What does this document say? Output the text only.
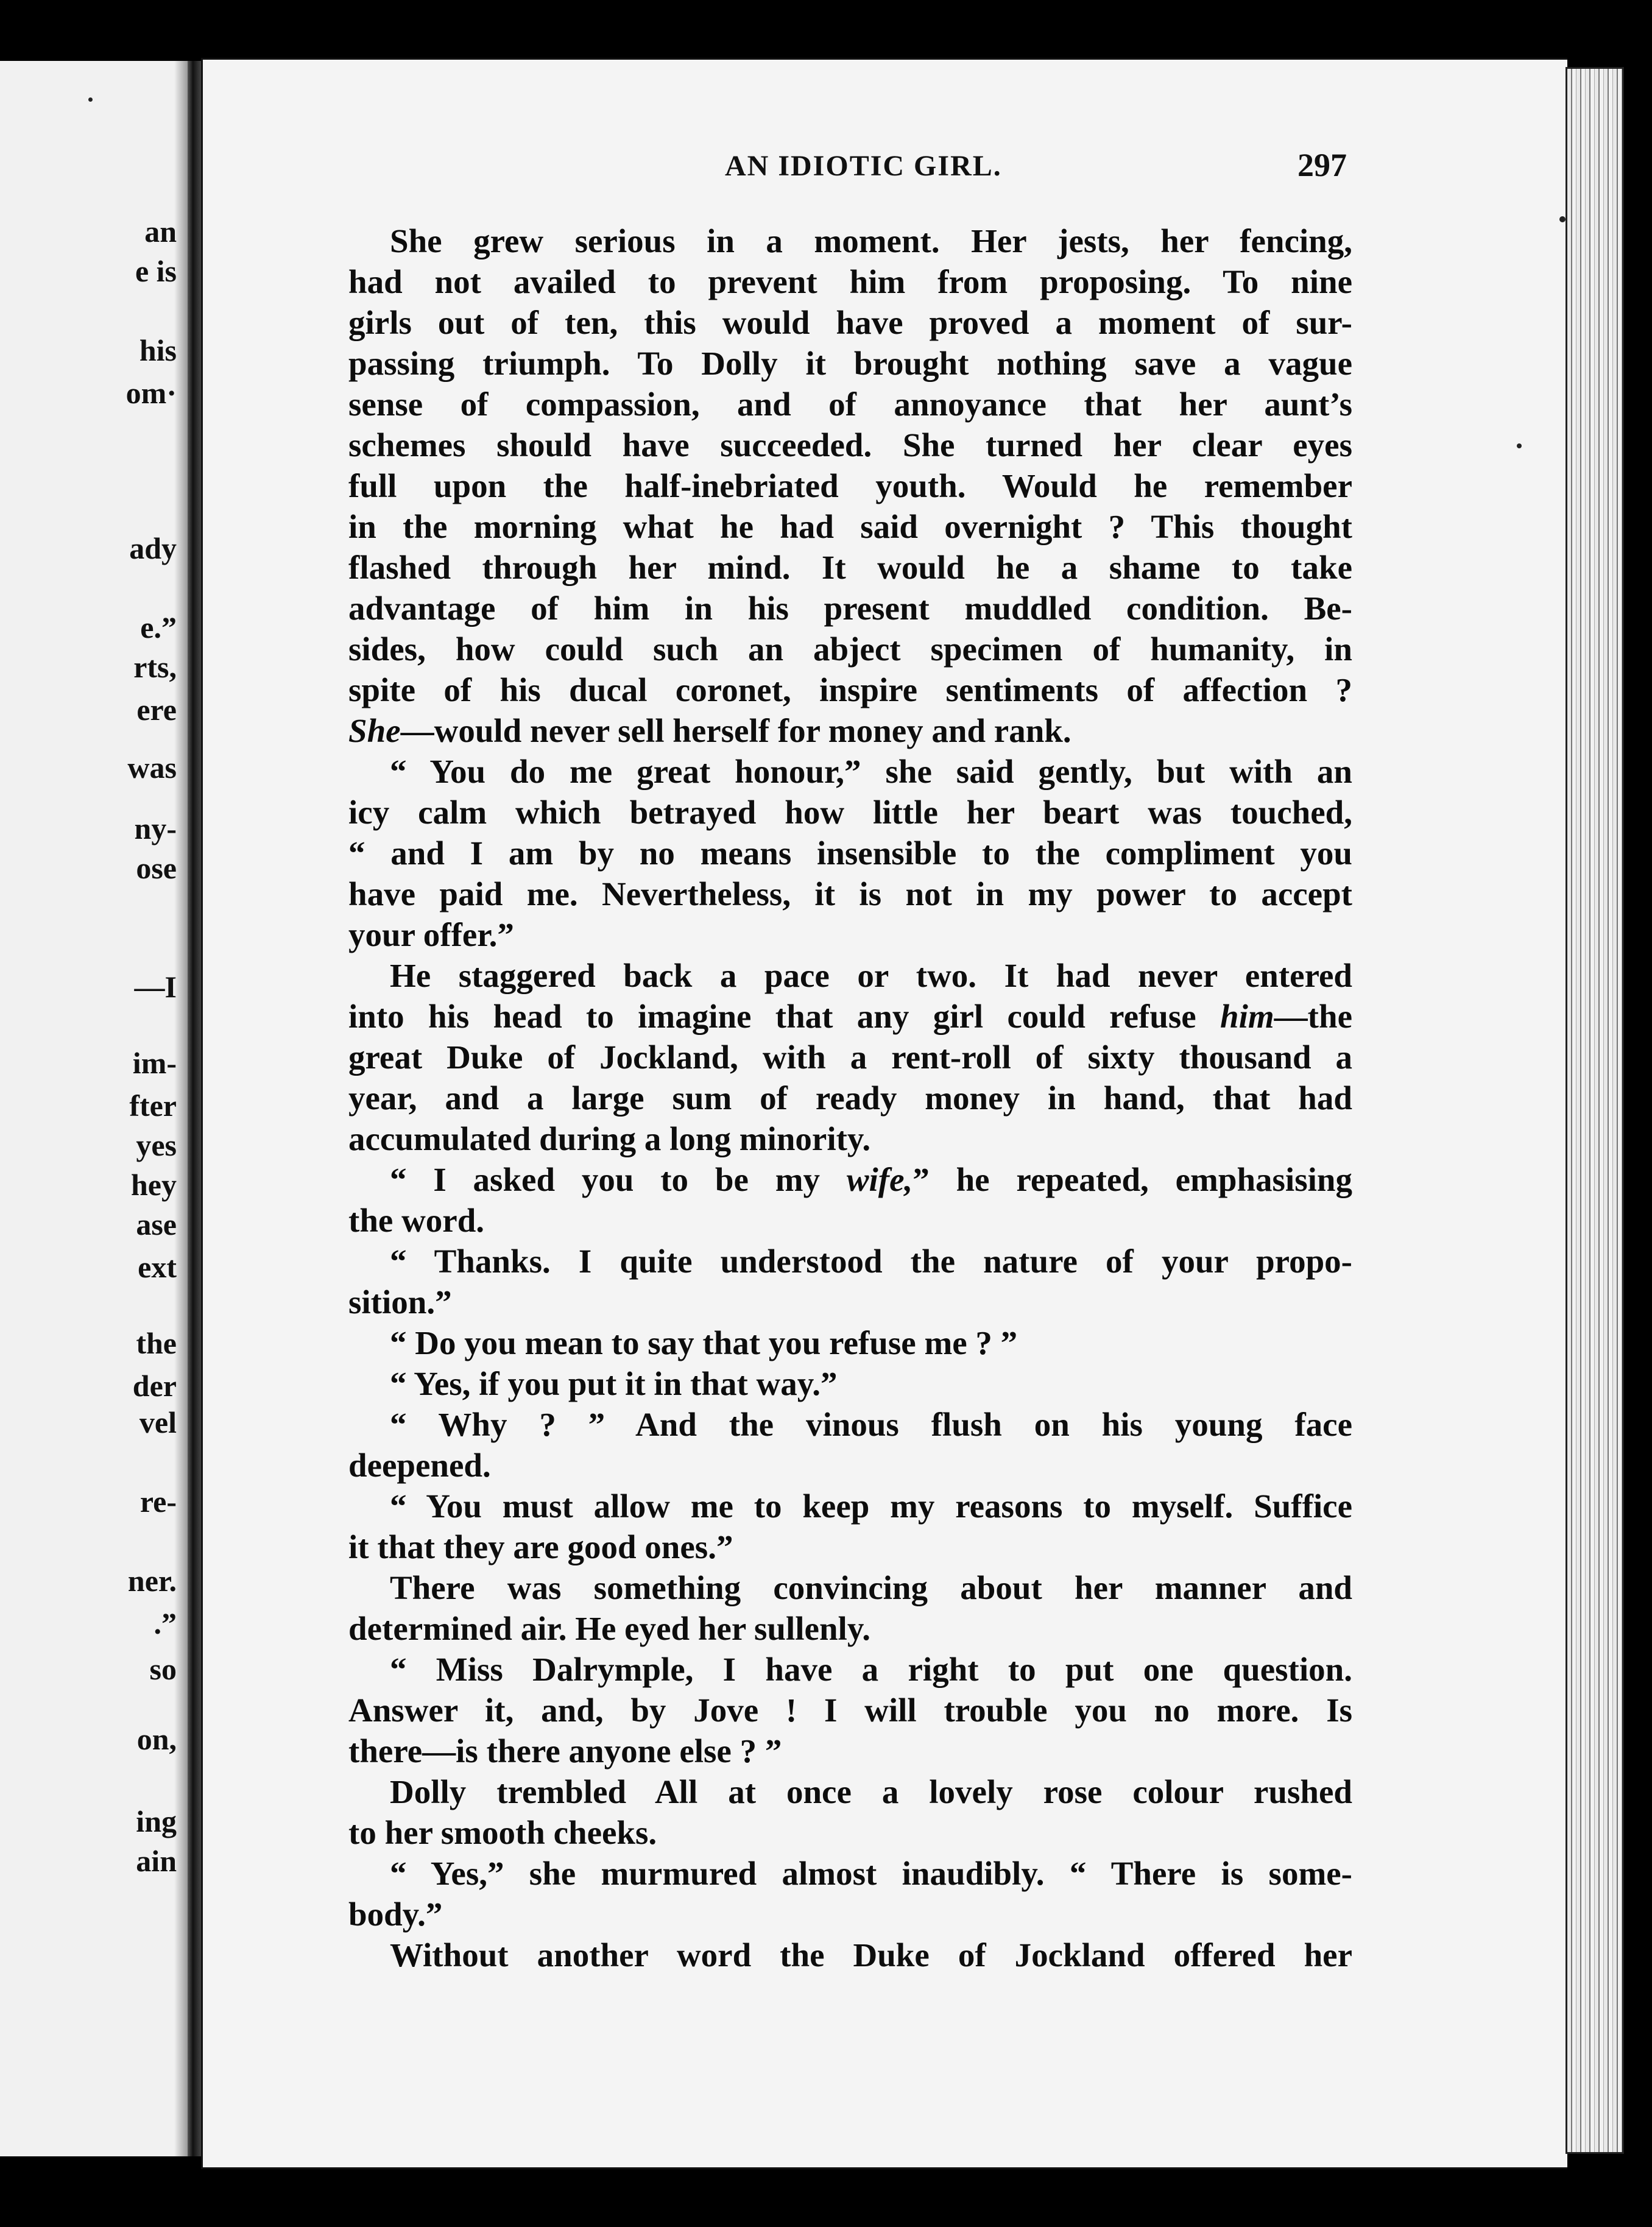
AN IDIOTIC GIRL.	297
an
e is
his
om·
ady
e.”
rts,
ere
was
ny-
ose
—I
im-
fter
yes
hey
ase
ext
the
der
vel
re-
ner.
.”
so
on,
ing
ain
She grew serious in a moment. Her jests, her fencing,
had not availed to prevent him from proposing. To nine
girls out of ten, this would have proved a moment of sur-
passing triumph. To Dolly it brought nothing save a vague
sense of compassion, and of annoyance that her aunt’s
schemes should have succeeded. She turned her clear eyes
full upon the half-inebriated youth. Would he remember
in the morning what he had said overnight ? This thought
flashed through her mind. It would he a shame to take
advantage of him in his present muddled condition. Be-
sides, how could such an abject specimen of humanity, in
spite of his ducal coronet, inspire sentiments of affection ?
She—would never sell herself for money and rank.
“ You do me great honour,” she said gently, but with an
icy calm which betrayed how little her beart was touched,
“ and I am by no means insensible to the compliment you
have paid me. Nevertheless, it is not in my power to accept
your offer.”
He staggered back a pace or two. It had never entered
into his head to imagine that any girl could refuse him—the
great Duke of Jockland, with a rent-roll of sixty thousand a
year, and a large sum of ready money in hand, that had
accumulated during a long minority.
“ I asked you to be my wife,” he repeated, emphasising
the word.
“ Thanks. I quite understood the nature of your propo-
sition.”
“ Do you mean to say that you refuse me ? ”
“ Yes, if you put it in that way.”
“ Why ? ” And the vinous flush on his young face
deepened.
“ You must allow me to keep my reasons to myself. Suffice
it that they are good ones.”
There was something convincing about her manner and
determined air. He eyed her sullenly.
“ Miss Dalrymple, I have a right to put one question.
Answer it, and, by Jove ! I will trouble you no more. Is
there—is there anyone else ? ”
Dolly trembled All at once a lovely rose colour rushed
to her smooth cheeks.
“ Yes,” she murmured almost inaudibly. “ There is some-
body.”
Without another word the Duke of Jockland offered her
